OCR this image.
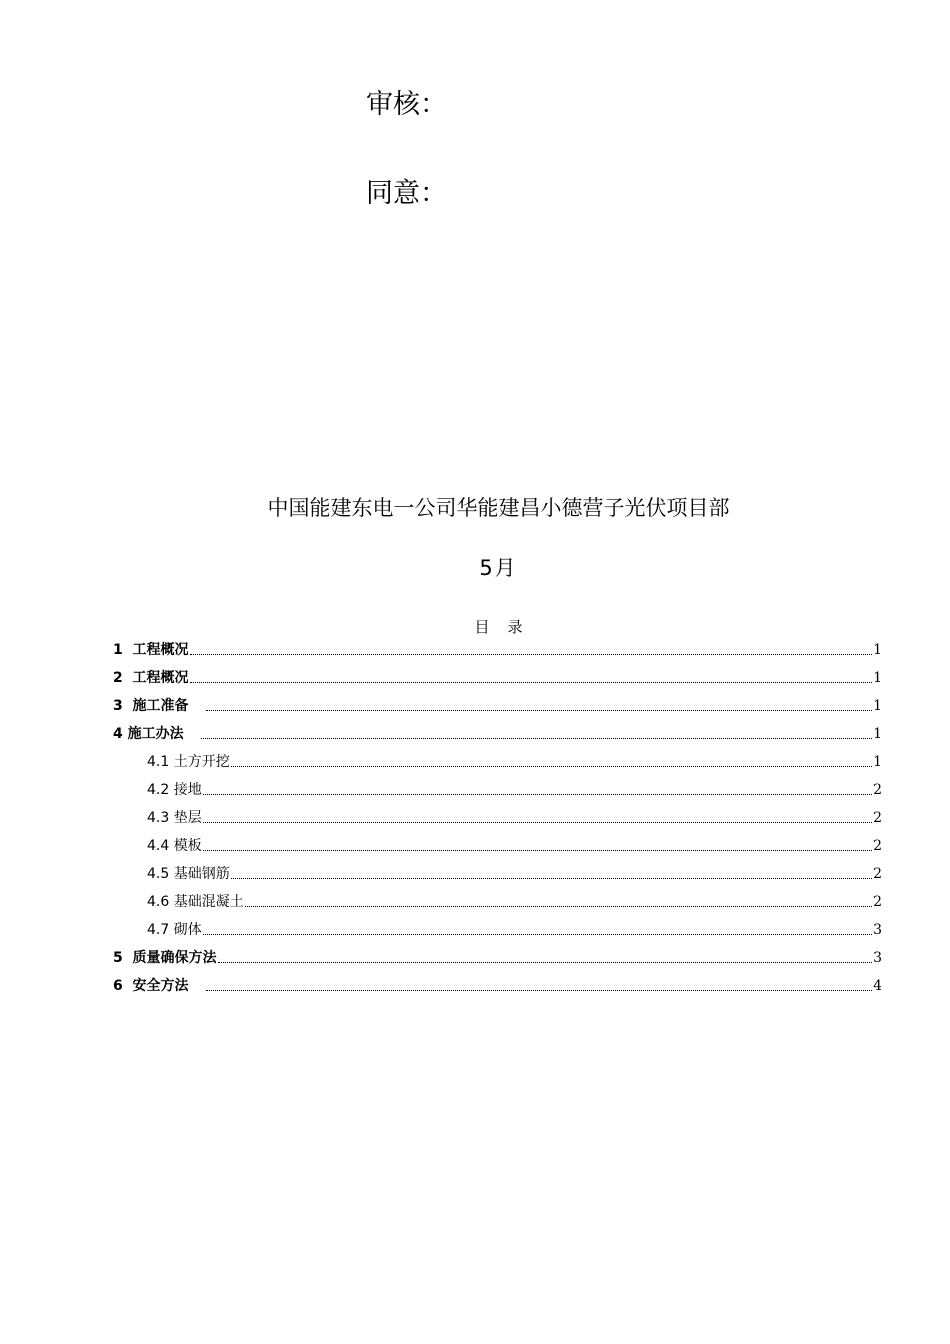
审核：
同意：
中国能建东电一公司华能建昌小德营子光伏项目部
5月
目 录
1 工程概况	1
2 工程概况	1
3 施工准备	1
4 施工办法	1
4.1 土方开挖	1
4.2 接地	2
4.3 垫层	2
4.4 模板	2
4.5 基础钢筋	2
4.6 基础混凝土	2
4.7 砌体	3
5 质量确保方法	3
6 安全方法	4
